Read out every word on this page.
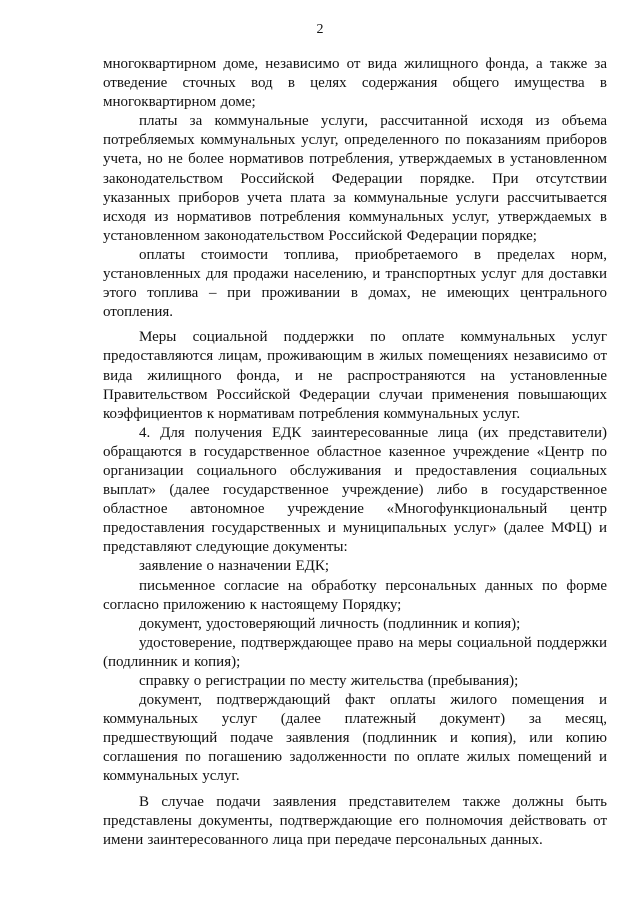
2

многоквартирном доме, независимо от вида жилищного фонда, а также за отведение сточных вод в целях содержания общего имущества в многоквартирном доме;

платы за коммунальные услуги, рассчитанной исходя из объема потребляемых коммунальных услуг, определенного по показаниям приборов учета, но не более нормативов потребления, утверждаемых в установленном законодательством Российской Федерации порядке. При отсутствии указанных приборов учета плата за коммунальные услуги рассчитывается исходя из нормативов потребления коммунальных услуг, утверждаемых в установленном законодательством Российской Федерации порядке;

оплаты стоимости топлива, приобретаемого в пределах норм, установленных для продажи населению, и транспортных услуг для доставки этого топлива – при проживании в домах, не имеющих центрального отопления.

Меры социальной поддержки по оплате коммунальных услуг предоставляются лицам, проживающим в жилых помещениях независимо от вида жилищного фонда, и не распространяются на установленные Правительством Российской Федерации случаи применения повышающих коэффициентов к нормативам потребления коммунальных услуг.

4. Для получения ЕДК заинтересованные лица (их представители) обращаются в государственное областное казенное учреждение «Центр по организации социального обслуживания и предоставления социальных выплат» (далее государственное учреждение) либо в государственное областное автономное учреждение «Многофункциональный центр предоставления государственных и муниципальных услуг» (далее МФЦ) и представляют следующие документы:

заявление о назначении ЕДК;

письменное согласие на обработку персональных данных по форме согласно приложению к настоящему Порядку;

документ, удостоверяющий личность (подлинник и копия);

удостоверение, подтверждающее право на меры социальной поддержки (подлинник и копия);

справку о регистрации по месту жительства (пребывания);

документ, подтверждающий факт оплаты жилого помещения и коммунальных услуг (далее платежный документ) за месяц, предшествующий подаче заявления (подлинник и копия), или копию соглашения по погашению задолженности по оплате жилых помещений и коммунальных услуг.

В случае подачи заявления представителем также должны быть представлены документы, подтверждающие его полномочия действовать от имени заинтересованного лица при передаче персональных данных.
